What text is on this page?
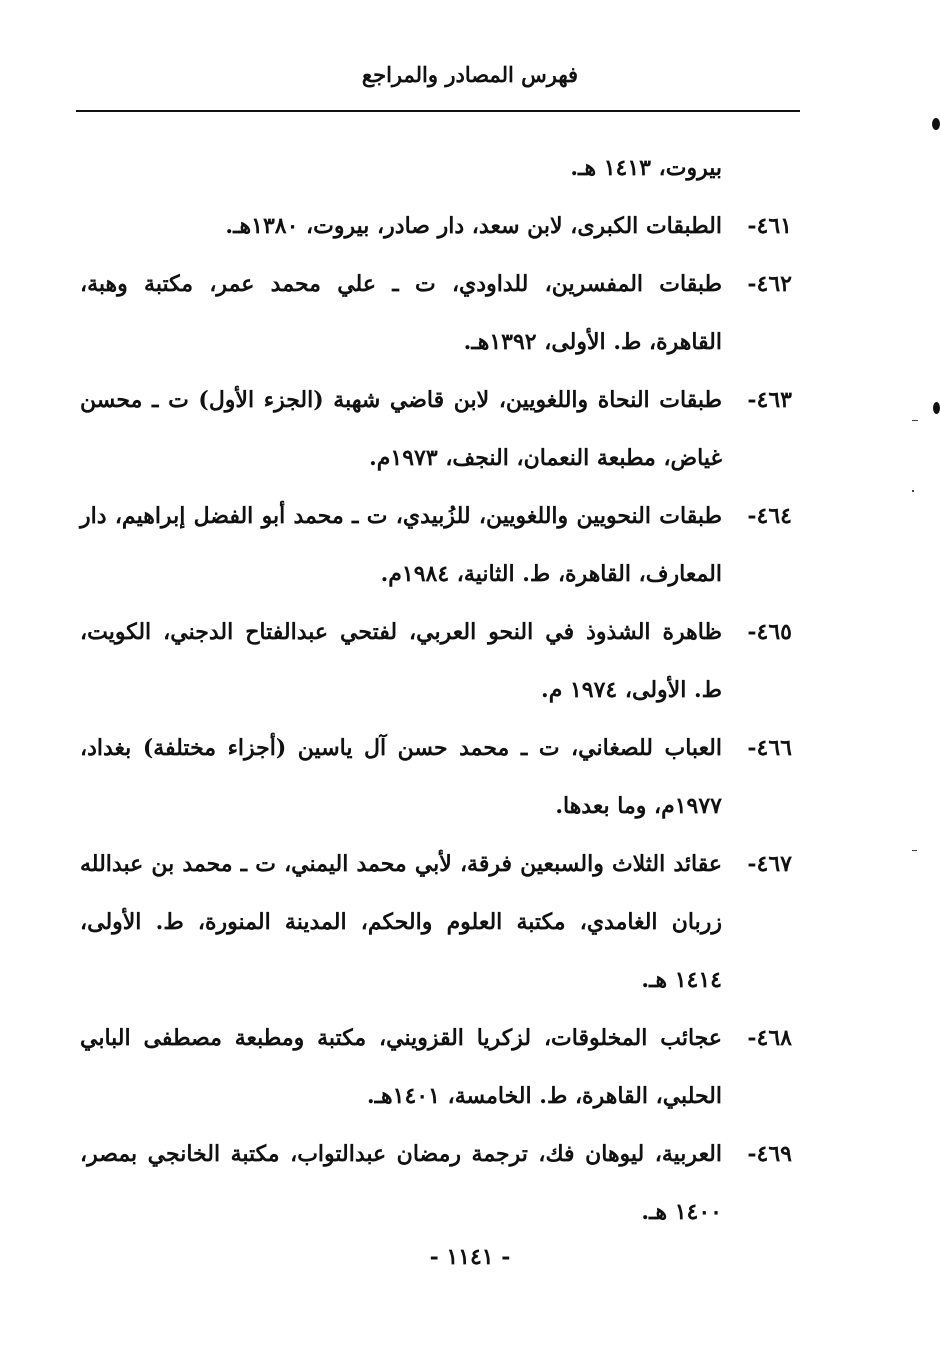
فهرس المصادر والمراجع
بيروت، ١٤١٣ هـ.
٤٦١-
الطبقات الكبرى، لابن سعد، دار صادر، بيروت، ١٣٨٠هـ.
٤٦٢-
طبقات المفسرين، للداودي، ت ـ علي محمد عمر، مكتبة وهبة، القاهرة، ط. الأولى، ١٣٩٢هـ.
٤٦٣-
طبقات النحاة واللغويين، لابن قاضي شهبة (الجزء الأول) ت ـ محسن غياض، مطبعة النعمان، النجف، ١٩٧٣م.
٤٦٤-
طبقات النحويين واللغويين، للزُبيدي، ت ـ محمد أبو الفضل إبراهيم، دار المعارف، القاهرة، ط. الثانية، ١٩٨٤م.
٤٦٥-
ظاهرة الشذوذ في النحو العربي، لفتحي عبدالفتاح الدجني، الكويت، ط. الأولى، ١٩٧٤ م.
٤٦٦-
العباب للصغاني، ت ـ محمد حسن آل ياسين (أجزاء مختلفة) بغداد، ١٩٧٧م، وما بعدها.
٤٦٧-
عقائد الثلاث والسبعين فرقة، لأبي محمد اليمني، ت ـ محمد بن عبدالله زربان الغامدي، مكتبة العلوم والحكم، المدينة المنورة، ط. الأولى، ١٤١٤ هـ.
٤٦٨-
عجائب المخلوقات، لزكريا القزويني، مكتبة ومطبعة مصطفى البابي الحلبي، القاهرة، ط. الخامسة، ١٤٠١هـ.
٤٦٩-
العربية، ليوهان فك، ترجمة رمضان عبدالتواب، مكتبة الخانجي بمصر، ١٤٠٠ هـ.
- ١١٤١ -
